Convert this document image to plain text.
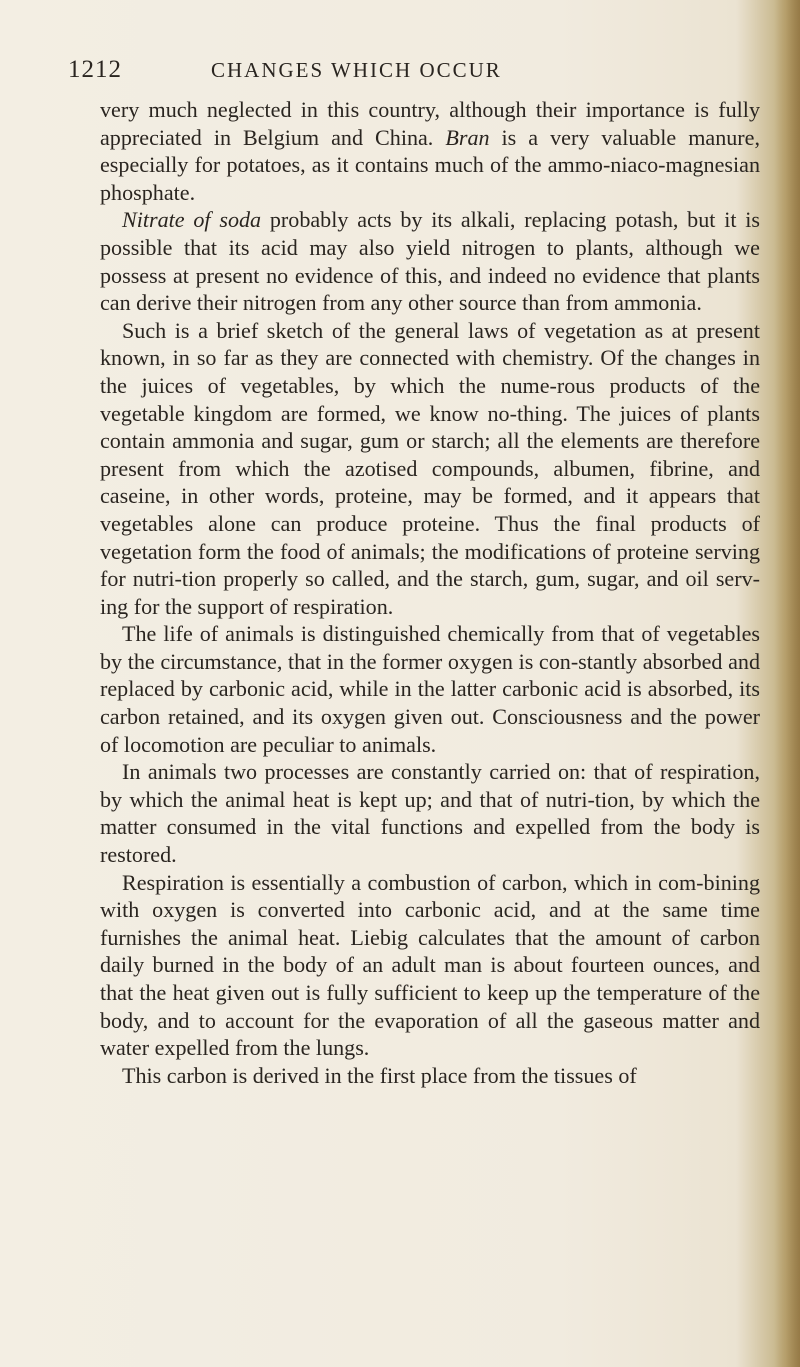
1212	CHANGES WHICH OCCUR

very much neglected in this country, although their importance is fully appreciated in Belgium and China. Bran is a very valuable manure, especially for potatoes, as it contains much of the ammo-niaco-magnesian phosphate.

Nitrate of soda probably acts by its alkali, replacing potash, but it is possible that its acid may also yield nitrogen to plants, although we possess at present no evidence of this, and indeed no evidence that plants can derive their nitrogen from any other source than from ammonia.

Such is a brief sketch of the general laws of vegetation as at present known, in so far as they are connected with chemistry. Of the changes in the juices of vegetables, by which the nume-rous products of the vegetable kingdom are formed, we know no-thing. The juices of plants contain ammonia and sugar, gum or starch; all the elements are therefore present from which the azotised compounds, albumen, fibrine, and caseine, in other words, proteine, may be formed, and it appears that vegetables alone can produce proteine. Thus the final products of vegetation form the food of animals; the modifications of proteine serving for nutri-tion properly so called, and the starch, gum, sugar, and oil serv-ing for the support of respiration.

The life of animals is distinguished chemically from that of vegetables by the circumstance, that in the former oxygen is con-stantly absorbed and replaced by carbonic acid, while in the latter carbonic acid is absorbed, its carbon retained, and its oxygen given out. Consciousness and the power of locomotion are peculiar to animals.

In animals two processes are constantly carried on: that of respiration, by which the animal heat is kept up; and that of nutri-tion, by which the matter consumed in the vital functions and expelled from the body is restored.

Respiration is essentially a combustion of carbon, which in com-bining with oxygen is converted into carbonic acid, and at the same time furnishes the animal heat. Liebig calculates that the amount of carbon daily burned in the body of an adult man is about fourteen ounces, and that the heat given out is fully sufficient to keep up the temperature of the body, and to account for the evaporation of all the gaseous matter and water expelled from the lungs.

This carbon is derived in the first place from the tissues of
